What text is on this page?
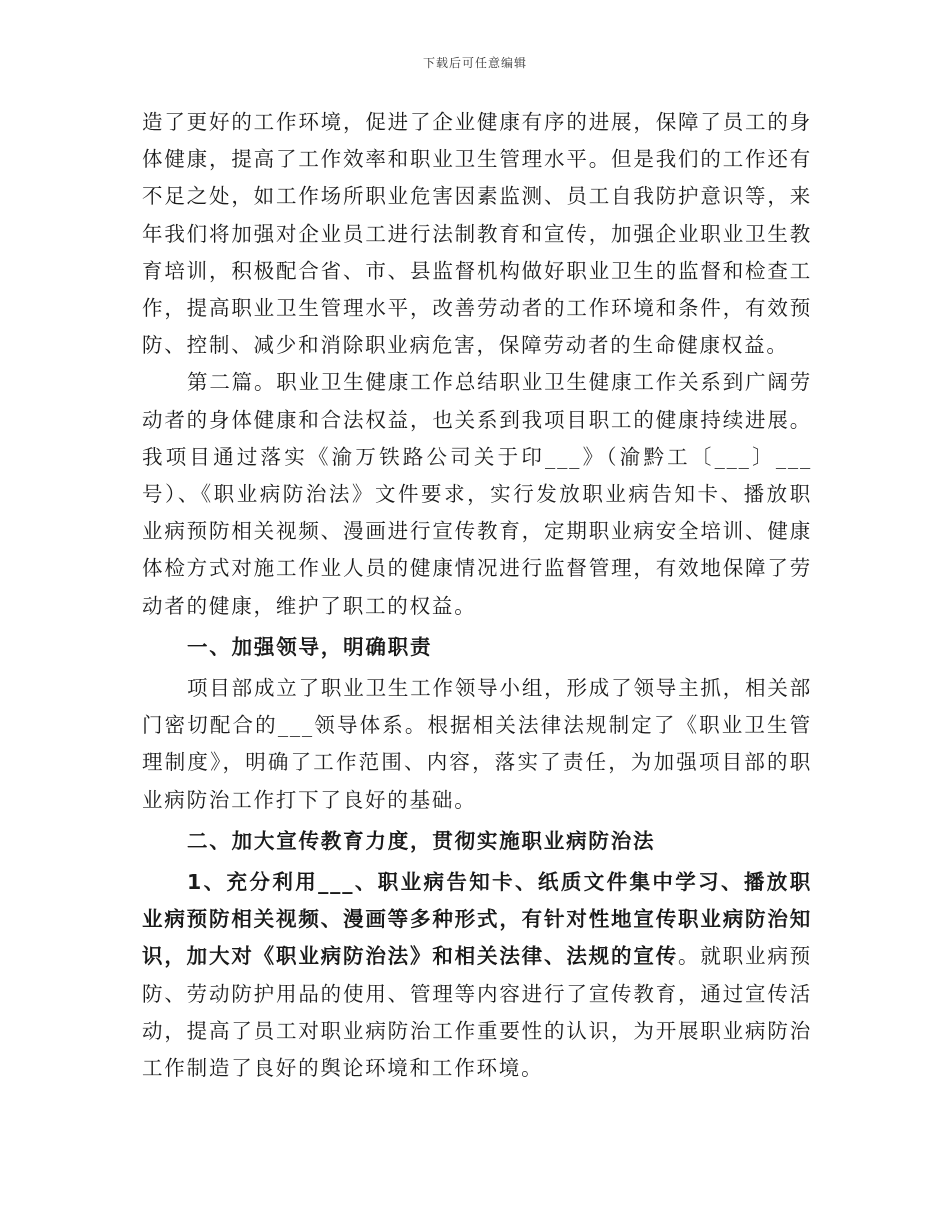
下载后可任意编辑

造了更好的工作环境，促进了企业健康有序的进展，保障了员工的身体健康，提高了工作效率和职业卫生管理水平。但是我们的工作还有不足之处，如工作场所职业危害因素监测、员工自我防护意识等，来年我们将加强对企业员工进行法制教育和宣传，加强企业职业卫生教育培训，积极配合省、市、县监督机构做好职业卫生的监督和检查工作，提高职业卫生管理水平，改善劳动者的工作环境和条件，有效预防、控制、减少和消除职业病危害，保障劳动者的生命健康权益。

第二篇。职业卫生健康工作总结职业卫生健康工作关系到广阔劳动者的身体健康和合法权益，也关系到我项目职工的健康持续进展。我项目通过落实《渝万铁路公司关于印___》（渝黔工〔___〕___号）、《职业病防治法》文件要求，实行发放职业病告知卡、播放职业病预防相关视频、漫画进行宣传教育，定期职业病安全培训、健康体检方式对施工作业人员的健康情况进行监督管理，有效地保障了劳动者的健康，维护了职工的权益。

一、加强领导，明确职责

项目部成立了职业卫生工作领导小组，形成了领导主抓，相关部门密切配合的___领导体系。根据相关法律法规制定了《职业卫生管理制度》，明确了工作范围、内容，落实了责任，为加强项目部的职业病防治工作打下了良好的基础。

二、加大宣传教育力度，贯彻实施职业病防治法

1、充分利用___、职业病告知卡、纸质文件集中学习、播放职业病预防相关视频、漫画等多种形式，有针对性地宣传职业病防治知识，加大对《职业病防治法》和相关法律、法规的宣传。就职业病预防、劳动防护用品的使用、管理等内容进行了宣传教育，通过宣传活动，提高了员工对职业病防治工作重要性的认识，为开展职业病防治工作制造了良好的舆论环境和工作环境。
